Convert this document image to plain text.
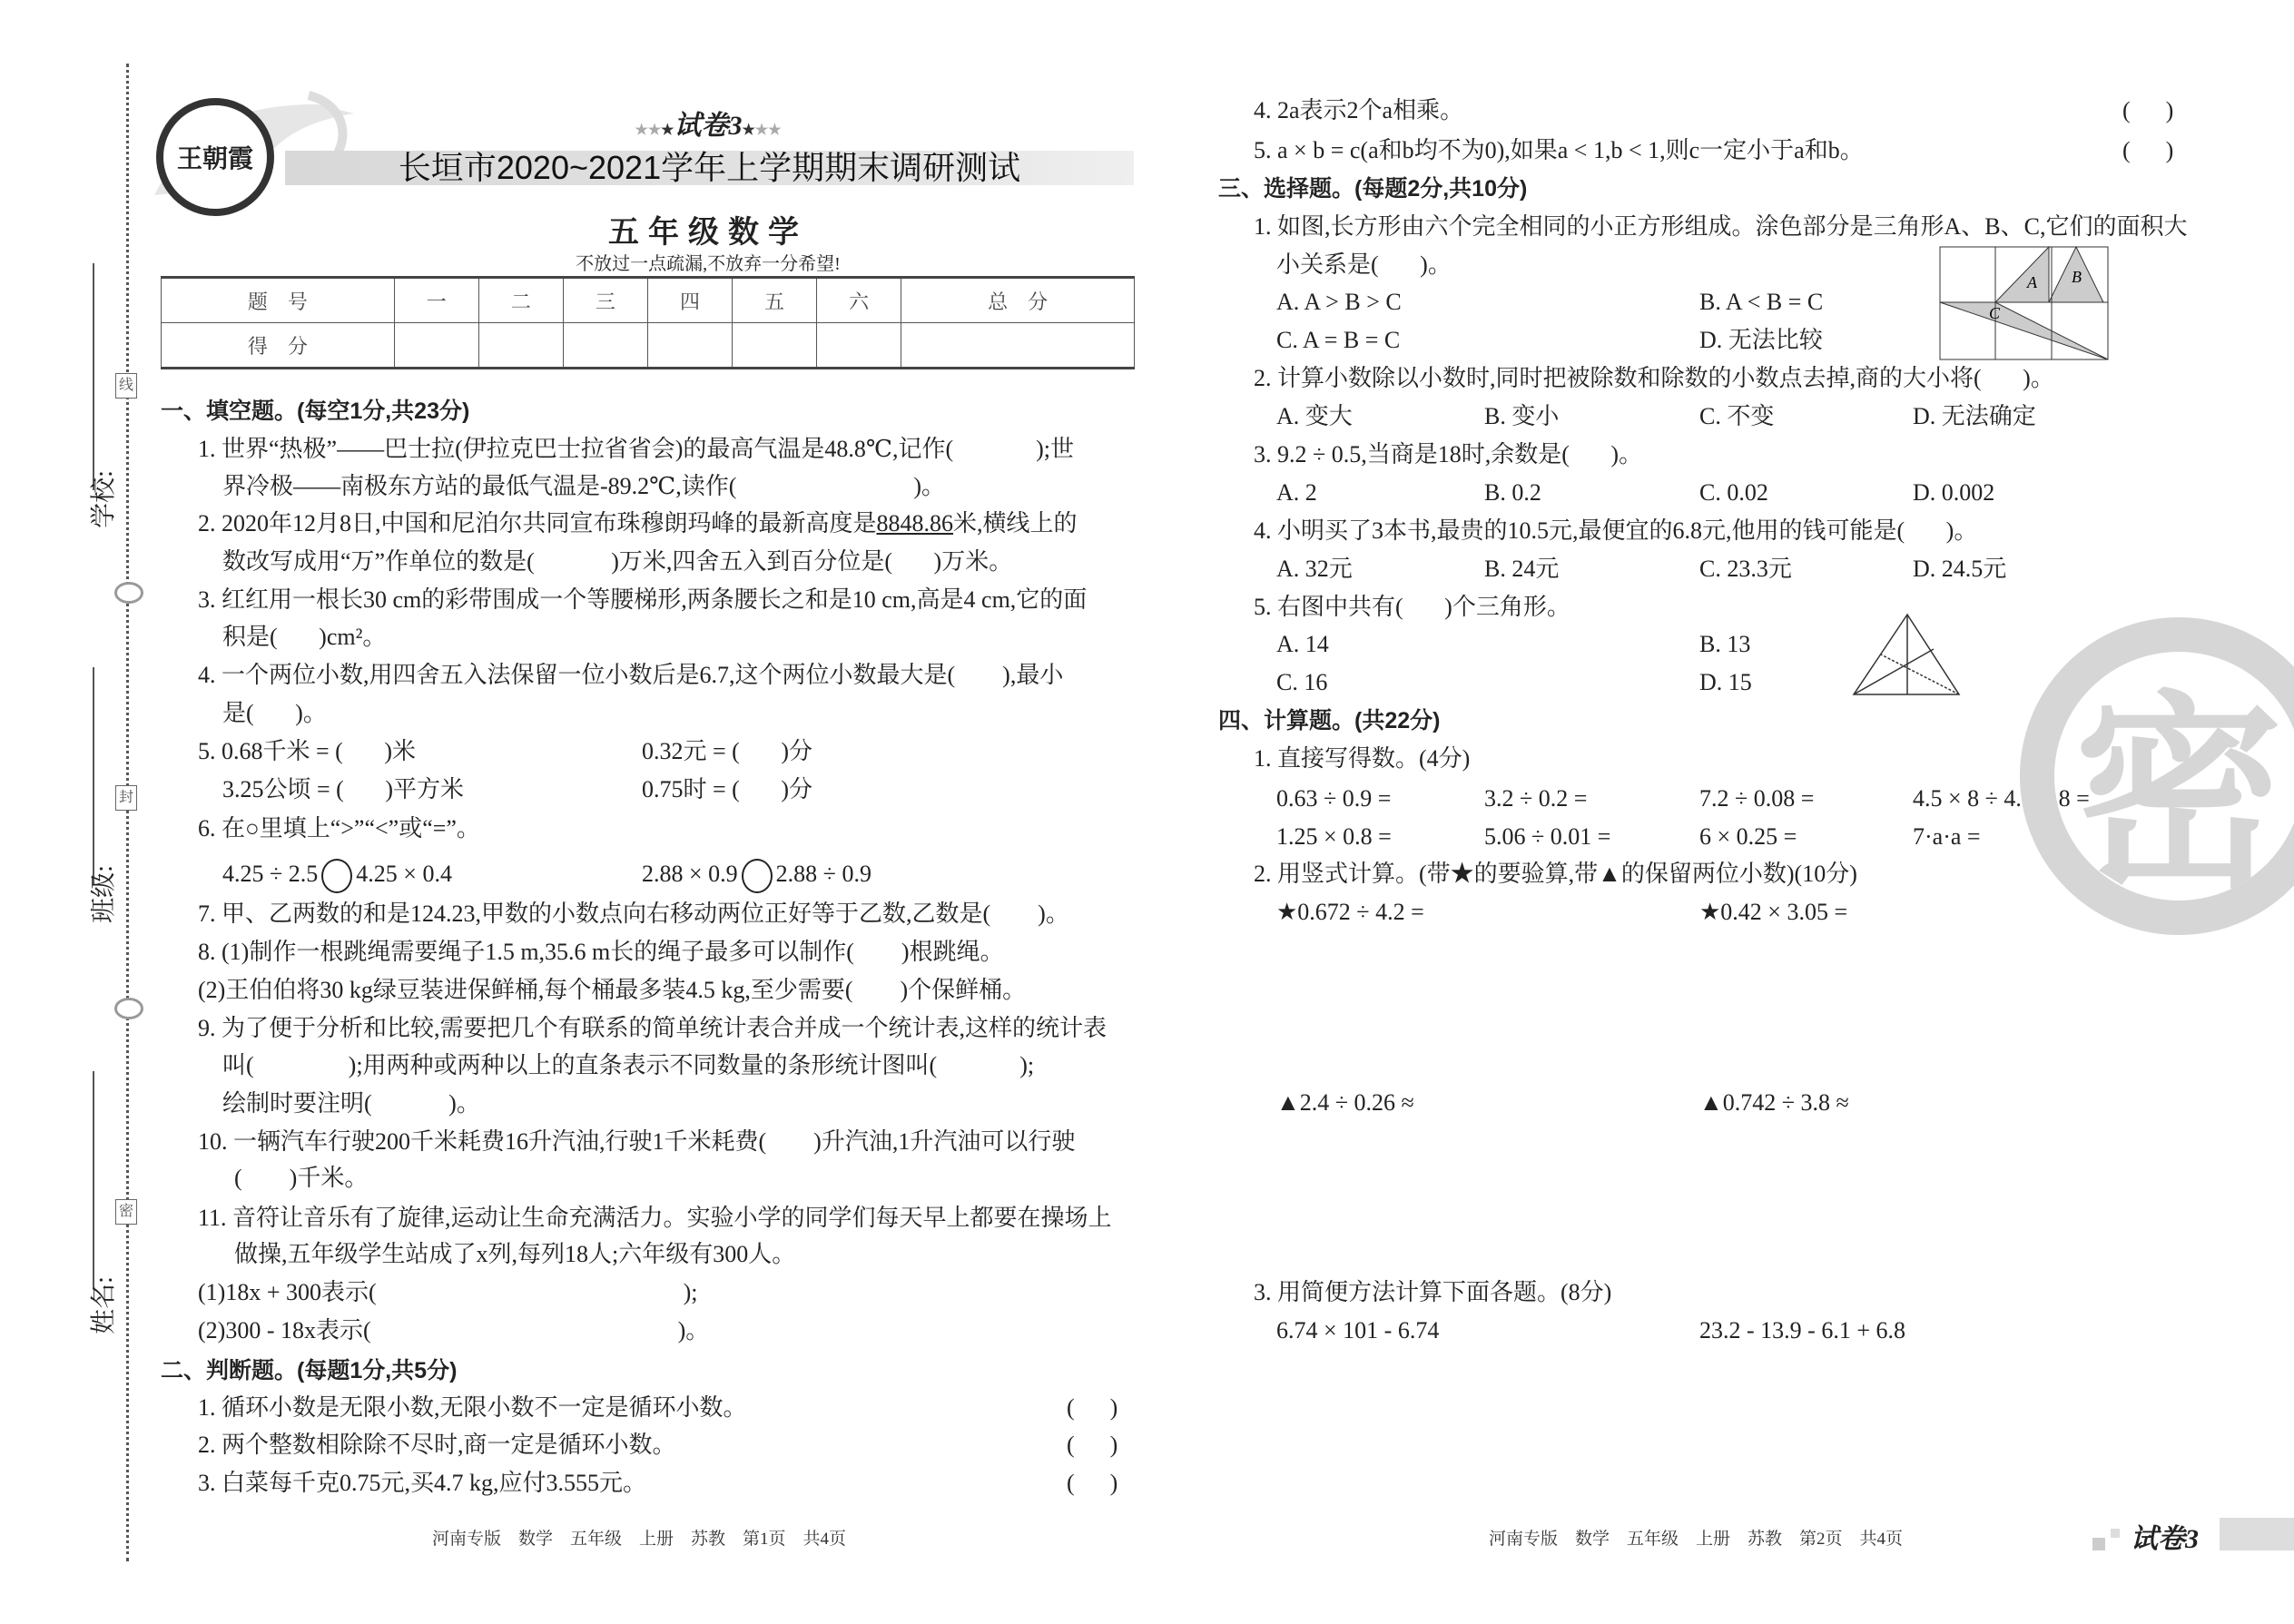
线
封
密
学校:
班级:
姓名:
王朝霞
★★★试卷3★★★
长垣市2020~2021学年上学期期末调研测试
五年级数学
不放过一点疏漏,不放弃一分希望!
题　号	一	二	三	四	五	六	总　分
得　分							
一、填空题。(每空1分,共23分)
1. 世界“热极”——巴士拉(伊拉克巴士拉省省会)的最高气温是48.8℃,记作(              );世
界冷极——南极东方站的最低气温是-89.2℃,读作(                              )。
2. 2020年12月8日,中国和尼泊尔共同宣布珠穆朗玛峰的最新高度是8848.86米,横线上的
数改写成用“万”作单位的数是(             )万米,四舍五入到百分位是(       )万米。
3. 红红用一根长30 cm的彩带围成一个等腰梯形,两条腰长之和是10 cm,高是4 cm,它的面
积是(       )cm²。
4. 一个两位小数,用四舍五入法保留一位小数后是6.7,这个两位小数最大是(        ),最小
是(       )。
5. 0.68千米 = (       )米	0.32元 = (       )分
3.25公顷 = (       )平方米	0.75时 = (       )分
6. 在○里填上“>”“<”或“=”。
4.25 ÷ 2.5 4.25 × 0.4	2.88 × 0.9 2.88 ÷ 0.9
7. 甲、乙两数的和是124.23,甲数的小数点向右移动两位正好等于乙数,乙数是(        )。
8. (1)制作一根跳绳需要绳子1.5 m,35.6 m长的绳子最多可以制作(        )根跳绳。
(2)王伯伯将30 kg绿豆装进保鲜桶,每个桶最多装4.5 kg,至少需要(        )个保鲜桶。
9. 为了便于分析和比较,需要把几个有联系的简单统计表合并成一个统计表,这样的统计表
叫(                );用两种或两种以上的直条表示不同数量的条形统计图叫(              );
绘制时要注明(             )。
10. 一辆汽车行驶200千米耗费16升汽油,行驶1千米耗费(        )升汽油,1升汽油可以行驶
(        )千米。
11. 音符让音乐有了旋律,运动让生命充满活力。实验小学的同学们每天早上都要在操场上
做操,五年级学生站成了x列,每列18人;六年级有300人。
(1)18x + 300表示(                                                    );
(2)300 - 18x表示(                                                    )。
二、判断题。(每题1分,共5分)
1. 循环小数是无限小数,无限小数不一定是循环小数。	(      )
2. 两个整数相除除不尽时,商一定是循环小数。	(      )
3. 白菜每千克0.75元,买4.7 kg,应付3.555元。	(      )
4. 2a表示2个a相乘。	(      )
5. a × b = c(a和b均不为0),如果a < 1,b < 1,则c一定小于a和b。	(      )
三、选择题。(每题2分,共10分)
1. 如图,长方形由六个完全相同的小正方形组成。涂色部分是三角形A、B、C,它们的面积大
小关系是(       )。
A. A > B > C	B. A < B = C
C. A = B = C	D. 无法比较
A B
C
2. 计算小数除以小数时,同时把被除数和除数的小数点去掉,商的大小将(       )。
A. 变大	B. 变小	C. 不变	D. 无法确定
3. 9.2 ÷ 0.5,当商是18时,余数是(       )。
A. 2	B. 0.2	C. 0.02	D. 0.002
4. 小明买了3本书,最贵的10.5元,最便宜的6.8元,他用的钱可能是(       )。
A. 32元	B. 24元	C. 23.3元	D. 24.5元
5. 右图中共有(       )个三角形。
A. 14	B. 13
C. 16	D. 15
四、计算题。(共22分)
1. 直接写得数。(4分)
0.63 ÷ 0.9 =	3.2 ÷ 0.2 =	7.2 ÷ 0.08 =	4.5 × 8 ÷ 4.5 × 8 =
1.25 × 0.8 =	5.06 ÷ 0.01 =	6 × 0.25 =	7·a·a =
2. 用竖式计算。(带★的要验算,带▲的保留两位小数)(10分)
★0.672 ÷ 4.2 =	★0.42 × 3.05 =
▲2.4 ÷ 0.26 ≈	▲0.742 ÷ 3.8 ≈
3. 用简便方法计算下面各题。(8分)
6.74 × 101 - 6.74	23.2 - 13.9 - 6.1 + 6.8
密
河南专版　数学　五年级　上册　苏教　第1页　共4页	河南专版　数学　五年级　上册　苏教　第2页　共4页	试卷3
